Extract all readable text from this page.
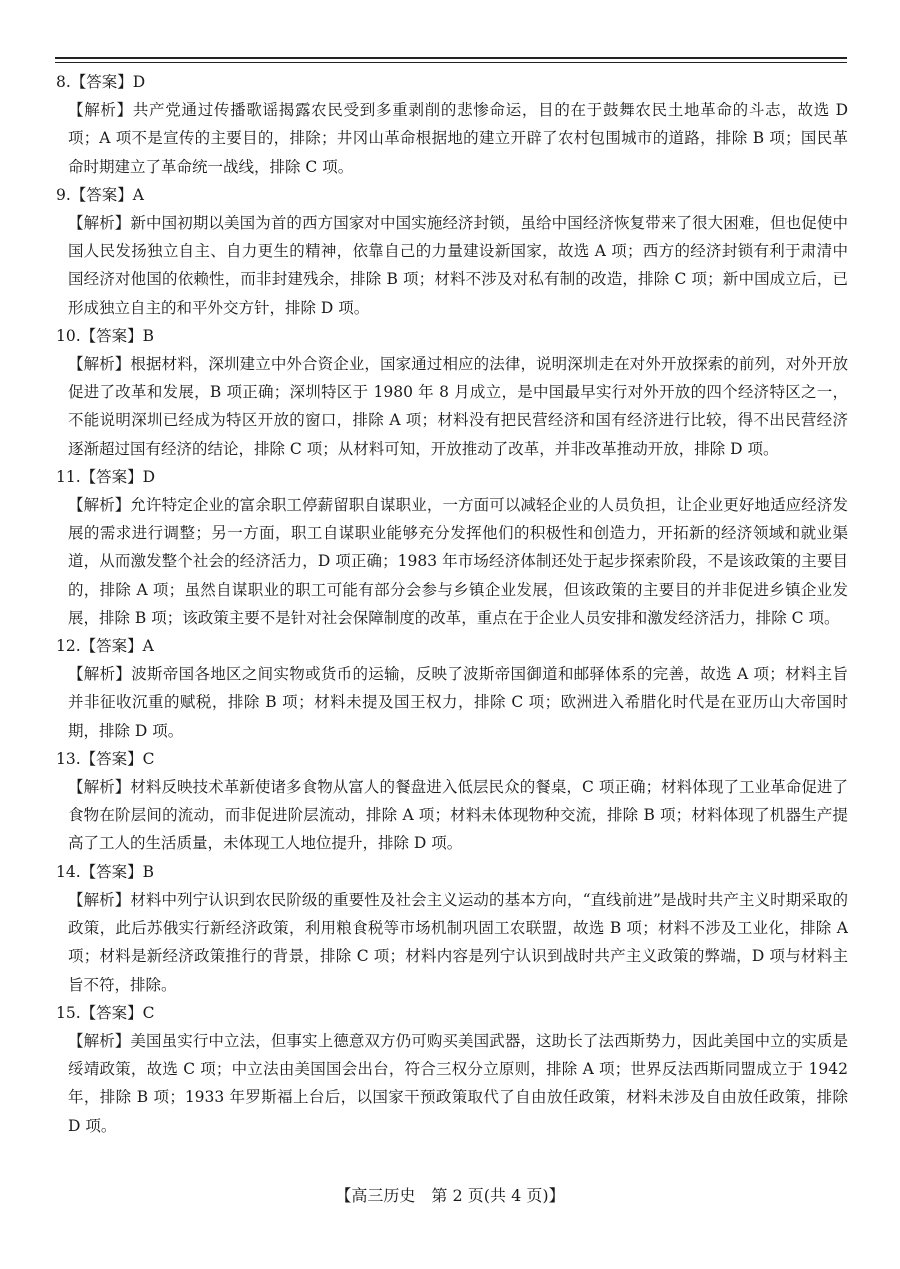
8.【答案】D
【解析】共产党通过传播歌谣揭露农民受到多重剥削的悲惨命运，目的在于鼓舞农民土地革命的斗志，故选 D 项；A 项不是宣传的主要目的，排除；井冈山革命根据地的建立开辟了农村包围城市的道路，排除 B 项；国民革命时期建立了革命统一战线，排除 C 项。
9.【答案】A
【解析】新中国初期以美国为首的西方国家对中国实施经济封锁，虽给中国经济恢复带来了很大困难，但也促使中国人民发扬独立自主、自力更生的精神，依靠自己的力量建设新国家，故选 A 项；西方的经济封锁有利于肃清中国经济对他国的依赖性，而非封建残余，排除 B 项；材料不涉及对私有制的改造，排除 C 项；新中国成立后，已形成独立自主的和平外交方针，排除 D 项。
10.【答案】B
【解析】根据材料，深圳建立中外合资企业，国家通过相应的法律，说明深圳走在对外开放探索的前列，对外开放促进了改革和发展，B 项正确；深圳特区于 1980 年 8 月成立，是中国最早实行对外开放的四个经济特区之一，不能说明深圳已经成为特区开放的窗口，排除 A 项；材料没有把民营经济和国有经济进行比较，得不出民营经济逐渐超过国有经济的结论，排除 C 项；从材料可知，开放推动了改革，并非改革推动开放，排除 D 项。
11.【答案】D
【解析】允许特定企业的富余职工停薪留职自谋职业，一方面可以减轻企业的人员负担，让企业更好地适应经济发展的需求进行调整；另一方面，职工自谋职业能够充分发挥他们的积极性和创造力，开拓新的经济领域和就业渠道，从而激发整个社会的经济活力，D 项正确；1983 年市场经济体制还处于起步探索阶段，不是该政策的主要目的，排除 A 项；虽然自谋职业的职工可能有部分会参与乡镇企业发展，但该政策的主要目的并非促进乡镇企业发展，排除 B 项；该政策主要不是针对社会保障制度的改革，重点在于企业人员安排和激发经济活力，排除 C 项。
12.【答案】A
【解析】波斯帝国各地区之间实物或货币的运输，反映了波斯帝国御道和邮驿体系的完善，故选 A 项；材料主旨并非征收沉重的赋税，排除 B 项；材料未提及国王权力，排除 C 项；欧洲进入希腊化时代是在亚历山大帝国时期，排除 D 项。
13.【答案】C
【解析】材料反映技术革新使诸多食物从富人的餐盘进入低层民众的餐桌，C 项正确；材料体现了工业革命促进了食物在阶层间的流动，而非促进阶层流动，排除 A 项；材料未体现物种交流，排除 B 项；材料体现了机器生产提高了工人的生活质量，未体现工人地位提升，排除 D 项。
14.【答案】B
【解析】材料中列宁认识到农民阶级的重要性及社会主义运动的基本方向，“直线前进”是战时共产主义时期采取的政策，此后苏俄实行新经济政策，利用粮食税等市场机制巩固工农联盟，故选 B 项；材料不涉及工业化，排除 A 项；材料是新经济政策推行的背景，排除 C 项；材料内容是列宁认识到战时共产主义政策的弊端，D 项与材料主旨不符，排除。
15.【答案】C
【解析】美国虽实行中立法，但事实上德意双方仍可购买美国武器，这助长了法西斯势力，因此美国中立的实质是绥靖政策，故选 C 项；中立法由美国国会出台，符合三权分立原则，排除 A 项；世界反法西斯同盟成立于 1942 年，排除 B 项；1933 年罗斯福上台后，以国家干预政策取代了自由放任政策，材料未涉及自由放任政策，排除 D 项。
【高三历史　第 2 页(共 4 页)】
